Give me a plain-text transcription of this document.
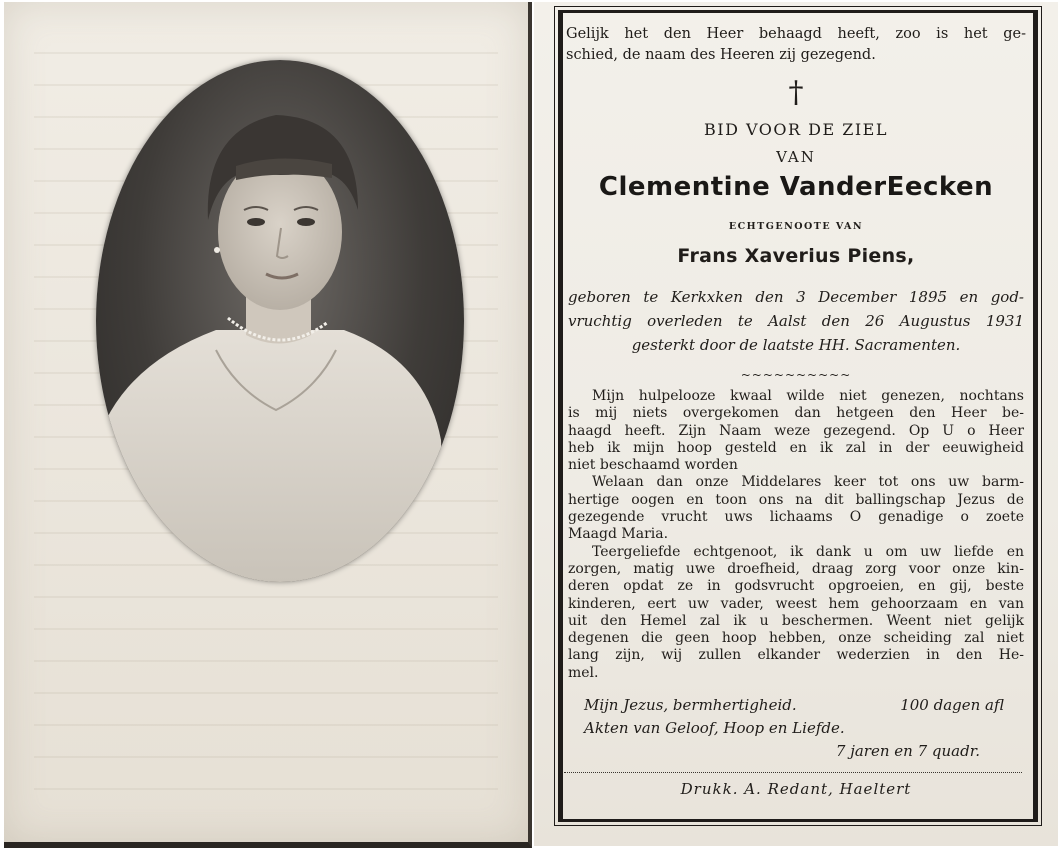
Gelijk het den Heer behaagd heeft, zoo is het ge-
schied, de naam des Heeren zij gezegend.
†
BID VOOR DE ZIEL
VAN
Clementine VanderEecken
ECHTGENOOTE VAN
Frans Xaverius Piens,
geboren te Kerkxken den 3 December 1895 en god-
vruchtig overleden te Aalst den 26 Augustus 1931
gesterkt door de laatste HH. Sacramenten.
~~~~~~~~~~

Mijn hulpelooze kwaal wilde niet genezen, nochtans

is mij niets overgekomen dan hetgeen den Heer be-

haagd heeft. Zijn Naam weze gezegend. Op U o Heer

heb ik mijn hoop gesteld en ik zal in der eeuwigheid

niet beschaamd worden

Welaan dan onze Middelares keer tot ons uw barm-

hertige oogen en toon ons na dit ballingschap Jezus de

gezegende vrucht uws lichaams O genadige o zoete

Maagd Maria.

Teergeliefde echtgenoot, ik dank u om uw liefde en

zorgen, matig uwe droefheid, draag zorg voor onze kin-

deren opdat ze in godsvrucht opgroeien, en gij, beste

kinderen, eert uw vader, weest hem gehoorzaam en van

uit den Hemel zal ik u beschermen. Weent niet gelijk

degenen die geen hoop hebben, onze scheiding zal niet

lang zijn, wij zullen elkander wederzien in den He-

mel.

Mijn Jezus, bermhertigheid.	100 dagen afl
Akten van Geloof, Hoop en Liefde.
7 jaren en 7 quadr.
Drukk. A. Redant, Haeltert
